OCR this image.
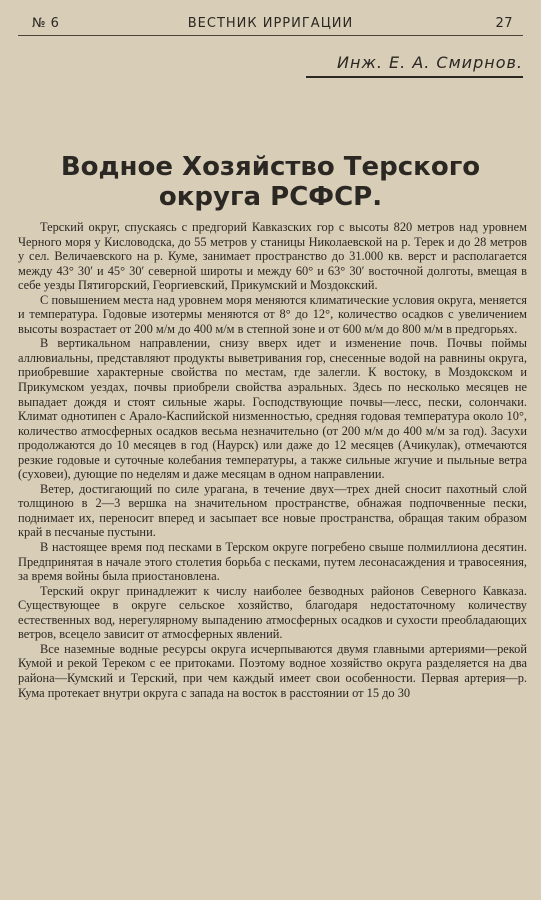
№ 6	ВЕСТНИК ИРРИГАЦИИ	27
Инж. Е. А. Смирнов.
Водное Хозяйство Терского
округа РСФСР.

Терский округ, спускаясь с предгорий Кавказских гор с высоты 820 метров над уровнем Черного моря у Кисловодска, до 55 метров у станицы Николаевской на р. Терек и до 28 метров у сел. Величаевского на р. Куме, занимает пространство до 31.000 кв. верст и располагается между 43° 30′ и 45° 30′ северной широты и между 60° и 63° 30′ восточной долготы, вмещая в себе уезды Пятигорский, Георгиевский, Прикумский и Моздокский.

С повышением места над уровнем моря меняются климатические условия округа, меняется и температура. Годовые изотермы меняются от 8° до 12°, количество осадков с увеличением высоты возрастает от 200 м/м до 400 м/м в степной зоне и от 600 м/м до 800 м/м в предгорьях.

В вертикальном направлении, снизу вверх идет и изменение почв. Почвы поймы аллювиальны, представляют продукты выветривания гор, снесенные водой на равнины округа, приобревшие характерные свойства по местам, где залегли. К востоку, в Моздокском и Прикумском уездах, почвы приобрели свойства аэральных. Здесь по несколько месяцев не выпадает дождя и стоят сильные жары. Господствующие почвы—лесс, пески, солончаки. Климат однотипен с Арало-Каспийской низменностью, средняя годовая температура около 10°, количество атмосферных осадков весьма незначительно (от 200 м/м до 400 м/м за год). Засухи продолжаются до 10 месяцев в год (Наурск) или даже до 12 месяцев (Ачикулак), отмечаются резкие годовые и суточные колебания температуры, а также сильные жгучие и пыльные ветра (суховеи), дующие по неделям и даже месяцам в одном направлении.

Ветер, достигающий по силе урагана, в течение двух—трех дней сносит пахотный слой толщиною в 2—3 вершка на значительном пространстве, обнажая подпочвенные пески, поднимает их, переносит вперед и засыпает все новые пространства, обращая таким образом край в песчаные пустыни.

В настоящее время под песками в Терском округе погребено свыше полмиллиона десятин. Предпринятая в начале этого столетия борьба с песками, путем лесонасаждения и травосеяния, за время войны была приостановлена.

Терский округ принадлежит к числу наиболее безводных районов Северного Кавказа. Существующее в округе сельское хозяйство, благодаря недостаточному количеству естественных вод, нерегулярному выпадению атмосферных осадков и сухости преобладающих ветров, всецело зависит от атмосферных явлений.

Все наземные водные ресурсы округа исчерпываются двумя главными артериями—рекой Кумой и рекой Тереком с ее притоками. Поэтому водное хозяйство округа разделяется на два района—Кумский и Терский, при чем каждый имеет свои особенности. Первая артерия—р. Кума протекает внутри округа с запада на восток в расстоянии от 15 до 30
